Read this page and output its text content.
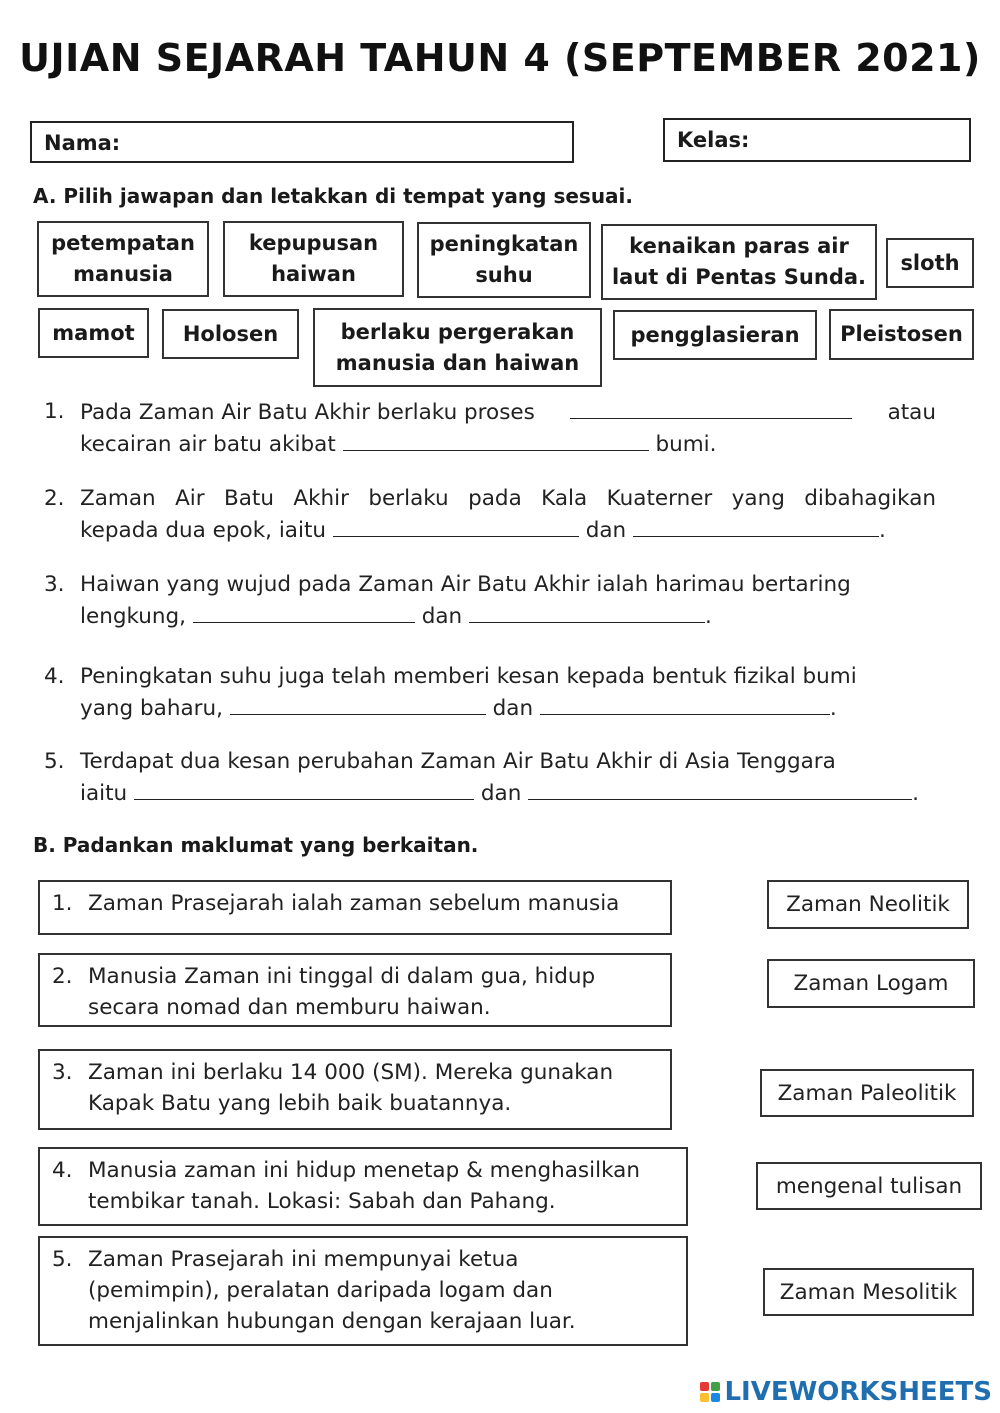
UJIAN SEJARAH TAHUN 4 (SEPTEMBER 2021)
Nama:	Kelas:
A. Pilih jawapan dan letakkan di tempat yang sesuai.
petempatan
manusia
kepupusan
haiwan
peningkatan
suhu
kenaikan paras air
laut di Pentas Sunda.
sloth
mamot Holosen	berlaku pergerakan
manusia dan haiwan
pengglasieran Pleistosen
1. Pada Zaman Air Batu Akhir berlaku proses	atau
kecairan air batu akibat	bumi.
2. Zaman Air Batu Akhir berlaku pada Kala Kuaterner yang dibahagikan
kepada dua epok, iaitu	dan	.
3. Haiwan yang wujud pada Zaman Air Batu Akhir ialah harimau bertaring
lengkung,	dan	.
4. Peningkatan suhu juga telah memberi kesan kepada bentuk fizikal bumi
yang baharu,	dan	.
5. Terdapat dua kesan perubahan Zaman Air Batu Akhir di Asia Tenggara
iaitu	dan	.
B. Padankan maklumat yang berkaitan.
1. Zaman Prasejarah ialah zaman sebelum manusia
2. Manusia Zaman ini tinggal di dalam gua, hidup
secara nomad dan memburu haiwan.
3. Zaman ini berlaku 14 000 (SM). Mereka gunakan
Kapak Batu yang lebih baik buatannya.
4. Manusia zaman ini hidup menetap & menghasilkan
tembikar tanah. Lokasi: Sabah dan Pahang.
5. Zaman Prasejarah ini mempunyai ketua
(pemimpin), peralatan daripada logam dan
menjalinkan hubungan dengan kerajaan luar.
Zaman Neolitik
Zaman Logam
Zaman Paleolitik
mengenal tulisan
Zaman Mesolitik
LIVEWORKSHEETS
